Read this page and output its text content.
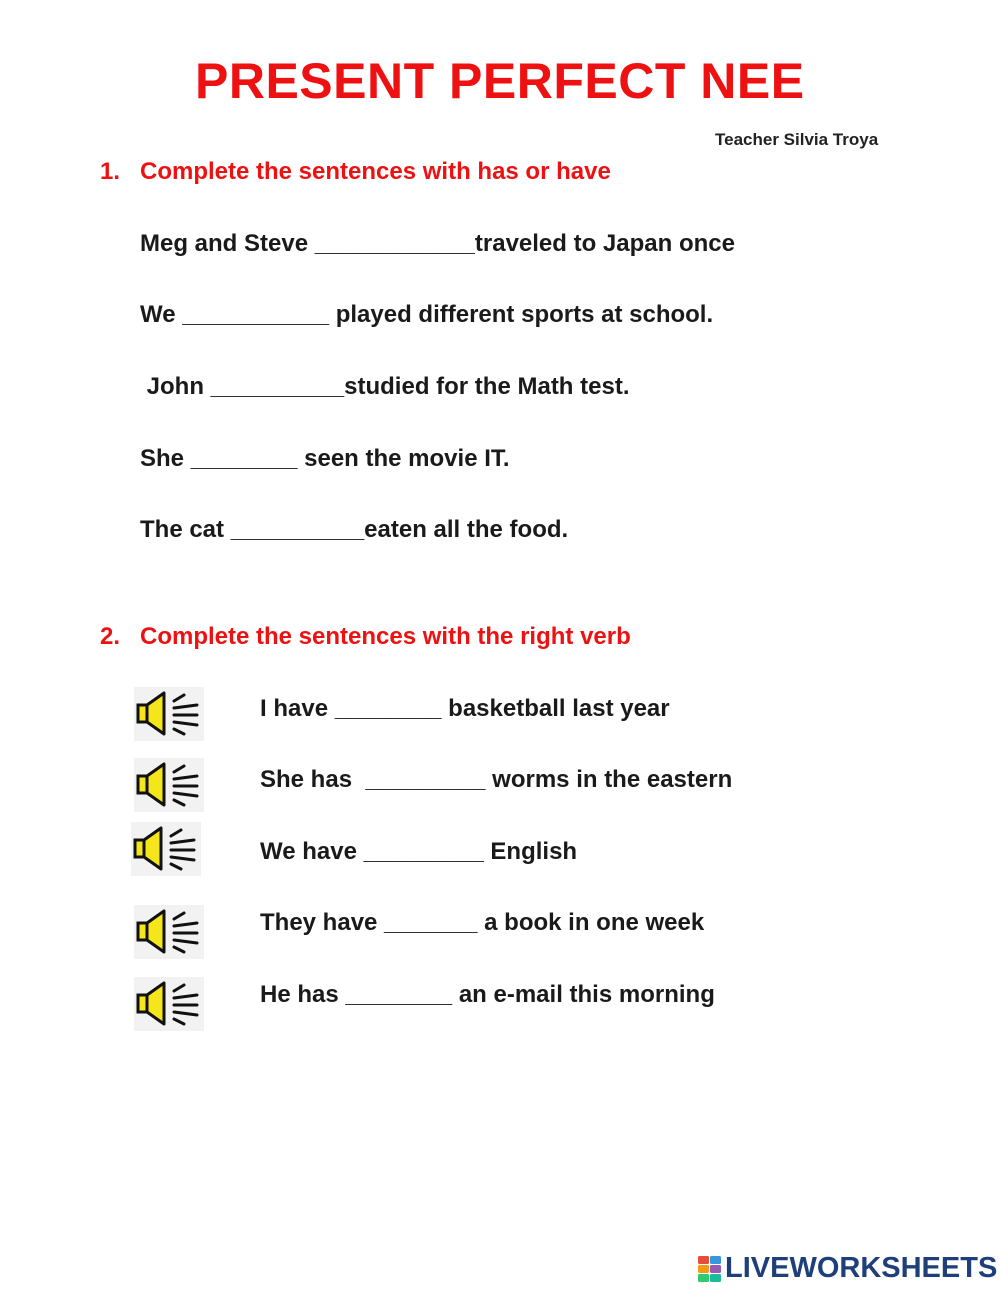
PRESENT PERFECT NEE
Teacher Silvia Troya
1. Complete the sentences with has or have
Meg and Steve ____________traveled to Japan once
We ___________ played different sports at school.
John __________studied for the Math test.
She ________ seen the movie IT.
The cat __________eaten all the food.
2. Complete the sentences with the right verb
I have ________ basketball last year
She has  _________ worms in the eastern
We have _________ English
They have _______ a book in one week
He has ________ an e-mail this morning
LIVEWORKSHEETS
